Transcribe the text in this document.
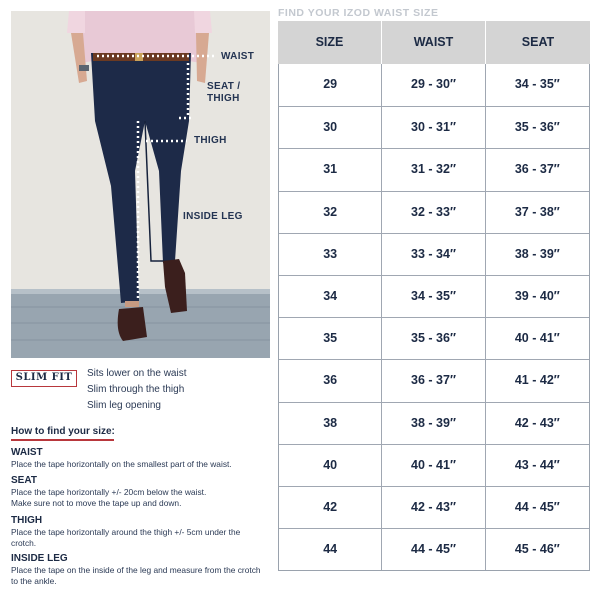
WAIST
SEAT /
THIGH
THIGH
INSIDE LEG
SLIM FIT	Sits lower on the waist
Slim through the thigh
Slim leg opening
How to find your size:
WAIST
Place the tape horizontally on the smallest part of the waist.
SEAT
Place the tape horizontally +/- 20cm below the waist.
Make sure not to move the tape up and down.
THIGH
Place the tape horizontally around the thigh +/- 5cm under the crotch.
INSIDE LEG
Place the tape on the inside of the leg and measure from the crotch to the ankle.
FIND YOUR IZOD WAIST SIZE
SIZE	WAIST	SEAT
29	29 - 30″	34 - 35″
30	30 - 31″	35 - 36″
31	31 - 32″	36 - 37″
32	32 - 33″	37 - 38″
33	33 - 34″	38 - 39″
34	34 - 35″	39 - 40″
35	35 - 36″	40 - 41″
36	36 - 37″	41 - 42″
38	38 - 39″	42 - 43″
40	40 - 41″	43 - 44″
42	42 - 43″	44 - 45″
44	44 - 45″	45 - 46″
